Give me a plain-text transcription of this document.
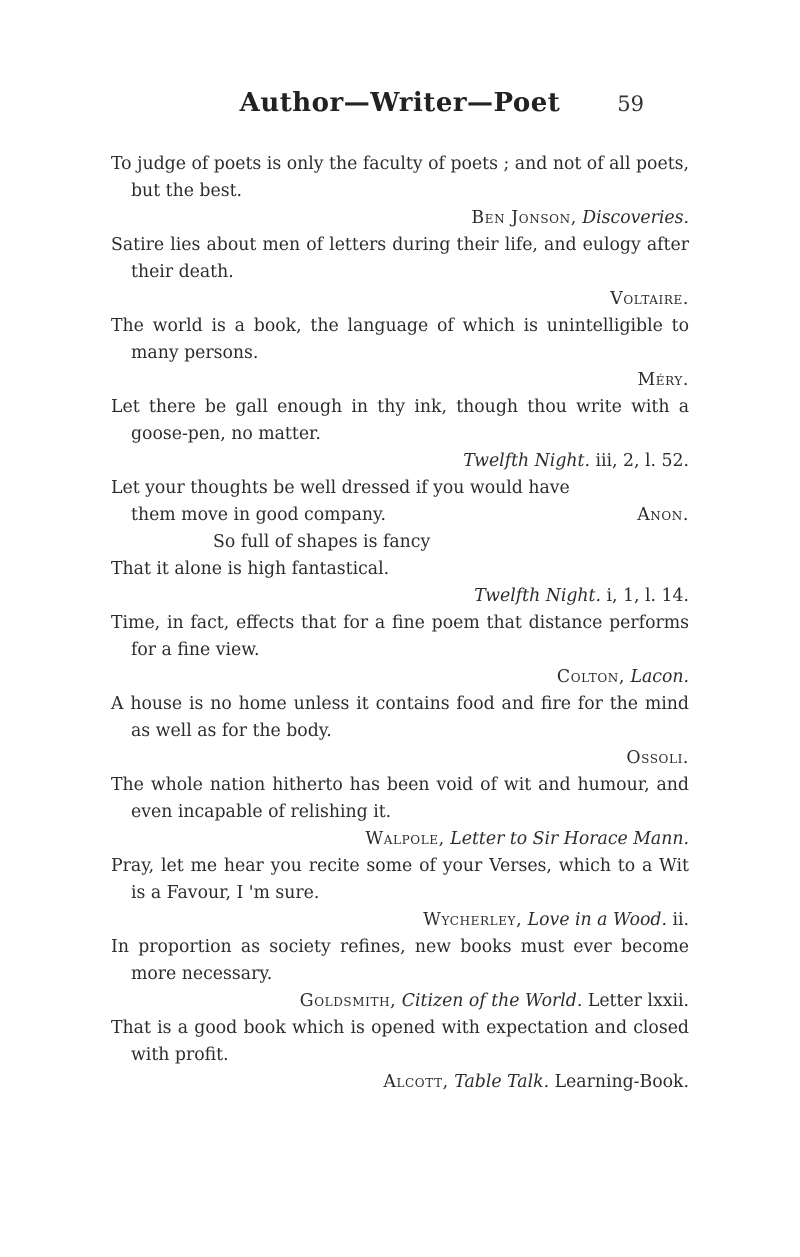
Author—Writer—Poet	59

To judge of poets is only the faculty of poets ; and not of all poets, but the best.

Ben Jonson, Discoveries.

Satire lies about men of letters during their life, and eulogy after their death.

Voltaire.

The world is a book, the language of which is unintelligible to many persons.

Méry.

Let there be gall enough in thy ink, though thou write with a goose-pen, no matter.

Twelfth Night. iii, 2, l. 52.

Let your thoughts be well dressed if you would have

them move in good company.	Anon.

So full of shapes is fancy
That it alone is high fantastical.

Twelfth Night. i, 1, l. 14.

Time, in fact, effects that for a fine poem that distance performs for a fine view.

Colton, Lacon.

A house is no home unless it contains food and fire for the mind as well as for the body.

Ossoli.

The whole nation hitherto has been void of wit and humour, and even incapable of relishing it.

Walpole, Letter to Sir Horace Mann.

Pray, let me hear you recite some of your Verses, which to a Wit is a Favour, I 'm sure.

Wycherley, Love in a Wood. ii.

In proportion as society refines, new books must ever become more necessary.

Goldsmith, Citizen of the World. Letter lxxii.

That is a good book which is opened with expectation and closed with profit.

Alcott, Table Talk. Learning-Book.
